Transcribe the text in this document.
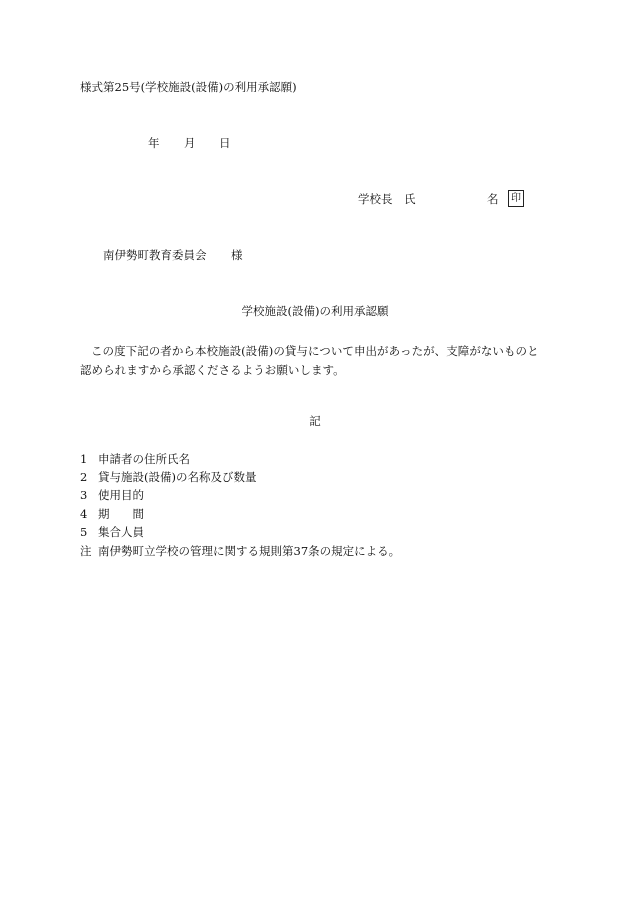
様式第25号(学校施設(設備)の利用承認願)
年 月 日
学校長 氏	名	印
南伊勢町教育委員会 様
学校施設(設備)の利用承認願
この度下記の者から本校施設(設備)の貸与について申出があったが、支障がないものと認められますから承認くださるようお願いします。
記
1 申請者の住所氏名
2 貸与施設(設備)の名称及び数量
3 使用目的
4 期　　間
5 集合人員
注 南伊勢町立学校の管理に関する規則第37条の規定による。
